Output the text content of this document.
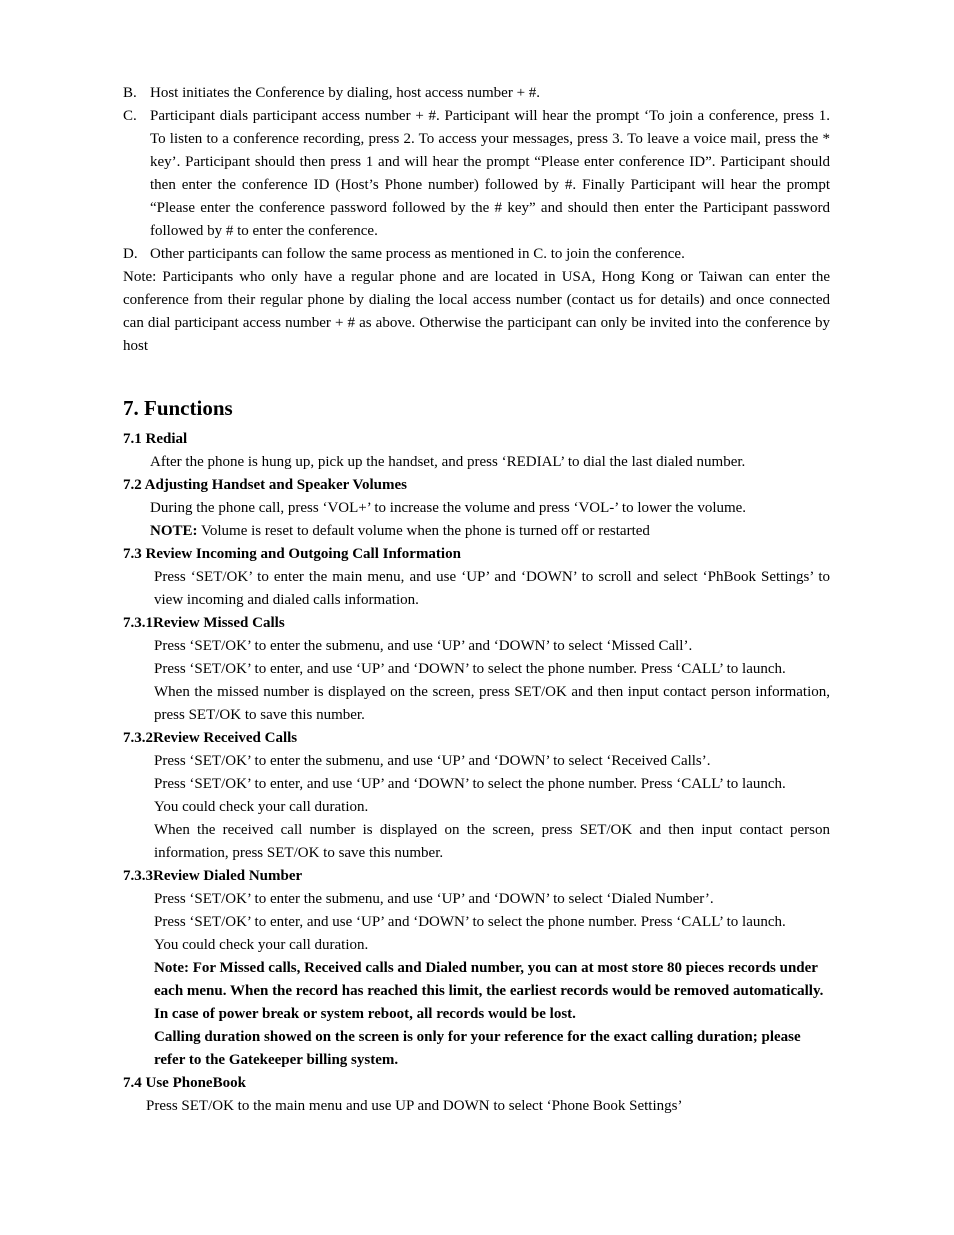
B. Host initiates the Conference by dialing, host access number + #.
C. Participant dials participant access number + #. Participant will hear the prompt ‘To join a conference, press 1. To listen to a conference recording, press 2. To access your messages, press 3. To leave a voice mail, press the * key’. Participant should then press 1 and will hear the prompt “Please enter conference ID”. Participant should then enter the conference ID (Host’s Phone number) followed by #. Finally Participant will hear the prompt “Please enter the conference password followed by the # key” and should then enter the Participant password followed by # to enter the conference.
D. Other participants can follow the same process as mentioned in C. to join the conference.

Note: Participants who only have a regular phone and are located in USA, Hong Kong or Taiwan can enter the conference from their regular phone by dialing the local access number (contact us for details) and once connected can dial participant access number + # as above. Otherwise the participant can only be invited into the conference by host

7. Functions

7.1 Redial

After the phone is hung up, pick up the handset, and press ‘REDIAL’ to dial the last dialed number.

7.2 Adjusting Handset and Speaker Volumes

During the phone call, press ‘VOL+’ to increase the volume and press ‘VOL-’ to lower the volume.

NOTE: Volume is reset to default volume when the phone is turned off or restarted

7.3 Review Incoming and Outgoing Call Information

Press ‘SET/OK’ to enter the main menu, and use ‘UP’ and ‘DOWN’ to scroll and select ‘PhBook Settings’ to view incoming and dialed calls information.

7.3.1Review Missed Calls

Press ‘SET/OK’ to enter the submenu, and use ‘UP’ and ‘DOWN’ to select ‘Missed Call’.

Press ‘SET/OK’ to enter, and use ‘UP’ and ‘DOWN’ to select the phone number. Press ‘CALL’ to launch.

When the missed number is displayed on the screen, press SET/OK and then input contact person information, press SET/OK to save this number.

7.3.2Review Received Calls

Press ‘SET/OK’ to enter the submenu, and use ‘UP’ and ‘DOWN’ to select ‘Received Calls’.

Press ‘SET/OK’ to enter, and use ‘UP’ and ‘DOWN’ to select the phone number. Press ‘CALL’ to launch.

You could check your call duration.

When the received call number is displayed on the screen, press SET/OK and then input contact person information, press SET/OK to save this number.

7.3.3Review Dialed Number

Press ‘SET/OK’ to enter the submenu, and use ‘UP’ and ‘DOWN’ to select ‘Dialed Number’.

Press ‘SET/OK’ to enter, and use ‘UP’ and ‘DOWN’ to select the phone number. Press ‘CALL’ to launch.

You could check your call duration.

Note: For Missed calls, Received calls and Dialed number, you can at most store 80 pieces records under each menu. When the record has reached this limit, the earliest records would be removed automatically. In case of power break or system reboot, all records would be lost.

Calling duration showed on the screen is only for your reference for the exact calling duration; please refer to the Gatekeeper billing system.

7.4 Use PhoneBook

Press SET/OK to the main menu and use UP and DOWN to select ‘Phone Book Settings’
